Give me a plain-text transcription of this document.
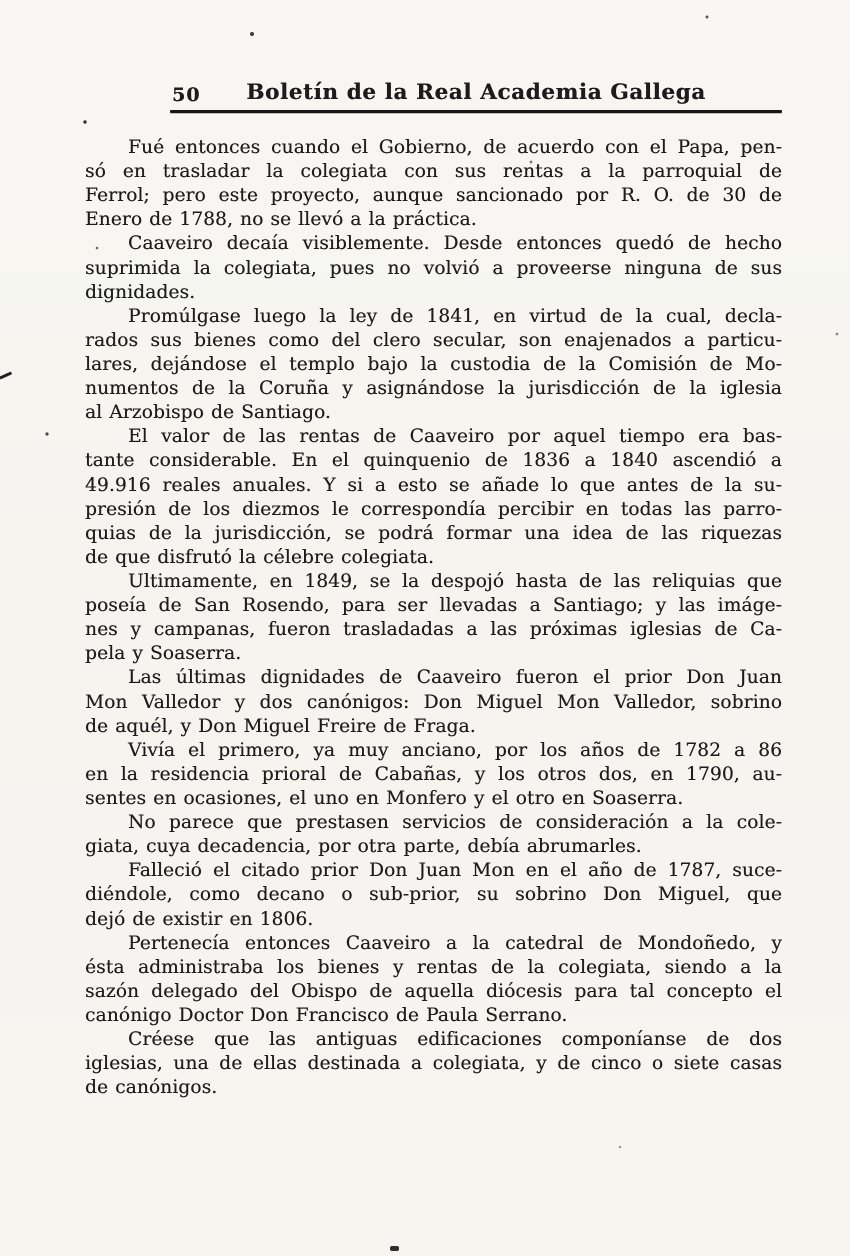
50	Boletín de la Real Academia Gallega
Fué entonces cuando el Gobierno, de acuerdo con el Papa, pen-
só en trasladar la colegiata con sus rentas a la parroquial de
Ferrol; pero este proyecto, aunque sancionado por R. O. de 30 de
Enero de 1788, no se llevó a la práctica.
Caaveiro decaía visiblemente. Desde entonces quedó de hecho
suprimida la colegiata, pues no volvió a proveerse ninguna de sus
dignidades.
Promúlgase luego la ley de 1841, en virtud de la cual, decla-
rados sus bienes como del clero secular, son enajenados a particu-
lares, dejándose el templo bajo la custodia de la Comisión de Mo-
numentos de la Coruña y asignándose la jurisdicción de la iglesia
al Arzobispo de Santiago.
El valor de las rentas de Caaveiro por aquel tiempo era bas-
tante considerable. En el quinquenio de 1836 a 1840 ascendió a
49.916 reales anuales. Y si a esto se añade lo que antes de la su-
presión de los diezmos le correspondía percibir en todas las parro-
quias de la jurisdicción, se podrá formar una idea de las riquezas
de que disfrutó la célebre colegiata.
Ultimamente, en 1849, se la despojó hasta de las reliquias que
poseía de San Rosendo, para ser llevadas a Santiago; y las imáge-
nes y campanas, fueron trasladadas a las próximas iglesias de Ca-
pela y Soaserra.
Las últimas dignidades de Caaveiro fueron el prior Don Juan
Mon Valledor y dos canónigos: Don Miguel Mon Valledor, sobrino
de aquél, y Don Miguel Freire de Fraga.
Vivía el primero, ya muy anciano, por los años de 1782 a 86
en la residencia prioral de Cabañas, y los otros dos, en 1790, au-
sentes en ocasiones, el uno en Monfero y el otro en Soaserra.
No parece que prestasen servicios de consideración a la cole-
giata, cuya decadencia, por otra parte, debía abrumarles.
Falleció el citado prior Don Juan Mon en el año de 1787, suce-
diéndole, como decano o sub-prior, su sobrino Don Miguel, que
dejó de existir en 1806.
Pertenecía entonces Caaveiro a la catedral de Mondoñedo, y
ésta administraba los bienes y rentas de la colegiata, siendo a la
sazón delegado del Obispo de aquella diócesis para tal concepto el
canónigo Doctor Don Francisco de Paula Serrano.
Créese que las antiguas edificaciones componíanse de dos
iglesias, una de ellas destinada a colegiata, y de cinco o siete casas
de canónigos.
